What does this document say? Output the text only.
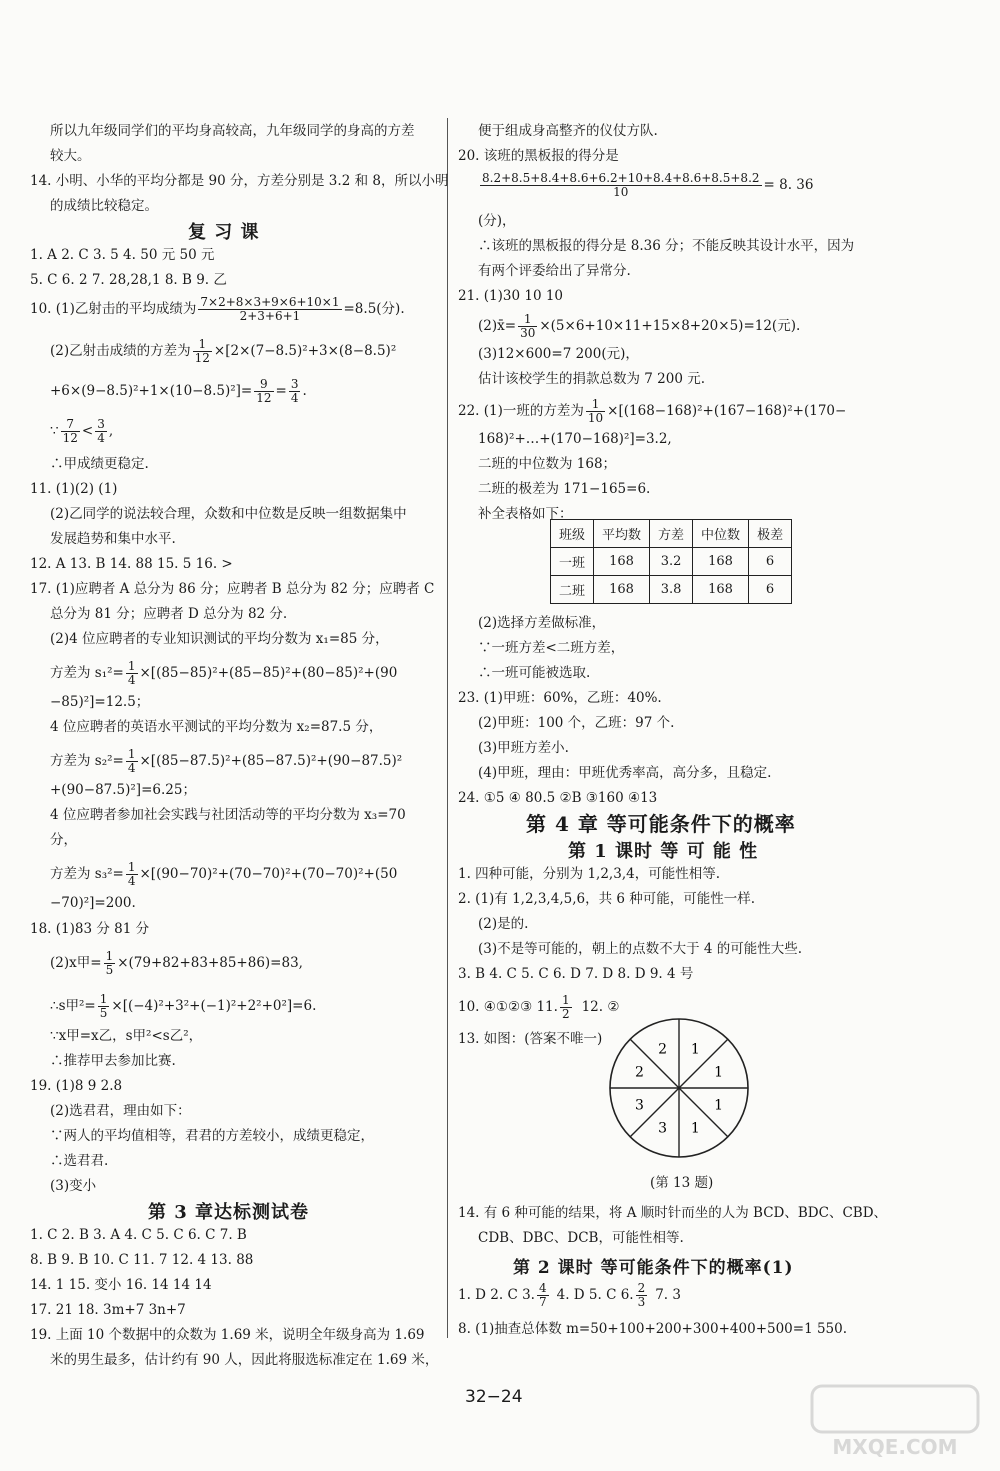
所以九年级同学们的平均身高较高，九年级同学的身高的方差
较大。
14. 小明、小华的平均分都是 90 分，方差分别是 3.2 和 8，所以小明
的成绩比较稳定。
复 习 课
1. A 2. C 3. 5 4. 50 元 50 元
5. C 6. 2 7. 28,28,1 8. B 9. 乙
10. (1)乙射击的平均成绩为 $\frac{7\times 2+8\times 3+9\times 6+10\times 1}{2+3+6+1} =8.5$(分).
(2)乙射击成绩的方差为 $\frac{1}{12} \times[2\times(7-8.5)^2+3\times(8-8.5)^2$
$+6\times(9-8.5)^2+1\times(10-8.5)^2]= \frac{9}{12} = \frac{3}{4}$ .
∵ $\frac{7}{12} < \frac{3}{4}$ ,
∴甲成绩更稳定.
11. (1)(2) (1)
(2)乙同学的说法较合理，众数和中位数是反映一组数据集中
发展趋势和集中水平.
12. A 13. B 14. 88 15. 5 16. >
17. (1)应聘者 A 总分为 86 分；应聘者 B 总分为 82 分；应聘者 C
总分为 81 分；应聘者 D 总分为 82 分.
(2)4 位应聘者的专业知识测试的平均分数为 x₁=85 分，
方差为 $s_1^2= \frac{1}{4} \times[(85-85)^2+(85-85)^2+(80-85)^2+(90$
−85)²]=12.5；
4 位应聘者的英语水平测试的平均分数为 x₂=87.5 分，
方差为 $s_2^2= \frac{1}{4} \times[(85-87.5)^2+(85-87.5)^2+(90-87.5)^2$
+(90−87.5)²]=6.25；
4 位应聘者参加社会实践与社团活动等的平均分数为 x₃=70
分，
方差为 $s_3^2= \frac{1}{4} \times[(90-70)^2+(70-70)^2+(70-70)^2+(50$
−70)²]=200.
18. (1)83 分 81 分
(2)x甲= $\frac{1}{5} \times(79+82+83+85+86)=83$,
∴s甲$^2= \frac{1}{5} \times[(-4)^2+3^2+(-1)^2+2^2+0^2]=6$.
∵x甲=x乙，s甲²<s乙²，
∴推荐甲去参加比赛.
19. (1)8 9 2.8
(2)选君君，理由如下：
∵两人的平均值相等，君君的方差较小，成绩更稳定，
∴选君君.
(3)变小
第 3 章达标测试卷
1. C 2. B 3. A 4. C 5. C 6. C 7. B
8. B 9. B 10. C 11. 7 12. 4 13. 88
14. 1 15. 变小 16. 14 14 14
17. 21 18. 3m+7 3n+7
19. 上面 10 个数据中的众数为 1.69 米，说明全年级身高为 1.69
米的男生最多，估计约有 90 人，因此将服选标准定在 1.69 米，
便于组成身高整齐的仪仗方队.
20. 该班的黑板报的得分是
$\frac{8.2+8.5+8.4+8.6+6.2+10+8.4+8.6+8.5+8.2}{10} = 8$. 36
(分)，
∴该班的黑板报的得分是 8.36 分；不能反映其设计水平，因为
有两个评委给出了异常分.
21. (1)30 10 10
(2)x̄= $\frac{1}{30} \times(5\times 6+10\times 11+15\times 8+20\times 5)=12$(元).
(3)12×600=7 200(元)，
估计该校学生的捐款总数为 7 200 元.
22. (1)一班的方差为 $\frac{1}{10} \times[(168-168)^2+(167-168)^2+(170-$
168)²+…+(170−168)²]=3.2,
二班的中位数为 168；
二班的极差为 171−165=6.
补全表格如下：
班级	平均数	方差	中位数	极差
一班	168	3.2	168	6
二班	168	3.8	168	6
(2)选择方差做标准，
∵一班方差<二班方差，
∴一班可能被选取.
23. (1)甲班：60%，乙班：40%.
(2)甲班：100 个，乙班：97 个.
(3)甲班方差小.
(4)甲班，理由：甲班优秀率高，高分多，且稳定.
24. ①5 ④ 80.5 ②B ③160 ④13
第 4 章 等可能条件下的概率
第 1 课时 等 可 能 性
1. 四种可能，分别为 1,2,3,4，可能性相等.
2. (1)有 1,2,3,4,5,6，共 6 种可能，可能性一样.
(2)是的.
(3)不是等可能的，朝上的点数不大于 4 的可能性大些.
3. B 4. C 5. C 6. D 7. D 8. D 9. 4 号
10. ④①②③ 11. $\frac{1}{2} 12$. ②
13. 如图：(答案不唯一)
1
1
1
1
3
3
2
2
(第 13 题)
14. 有 6 种可能的结果，将 A 顺时针而坐的人为 BCD、BDC、CBD、
CDB、DBC、DCB，可能性相等.
第 2 课时 等可能条件下的概率(1)
1. D 2. C 3. $\frac{4}{7} 4$. D 5. C 6. $\frac{2}{3} 7$. 3
8. (1)抽查总体数 m=50+100+200+300+400+500=1 550.
32−24
MXQE.COM
